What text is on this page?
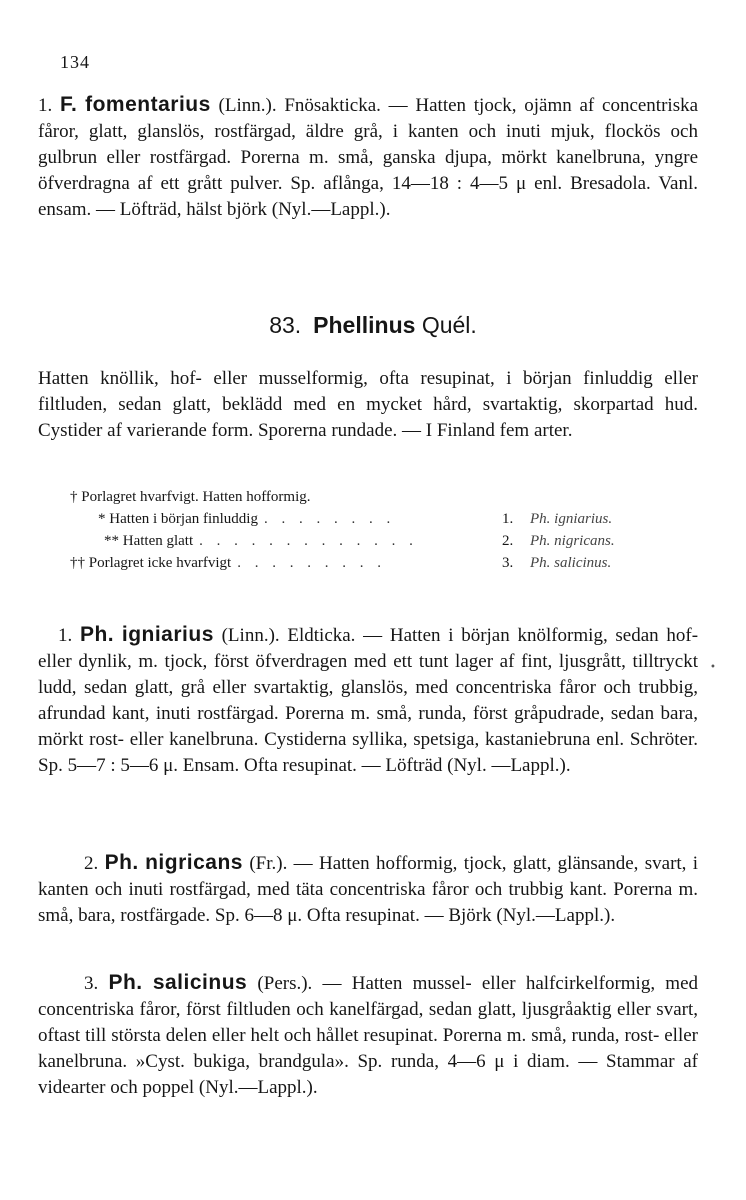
134
1. F. fomentarius (Linn.). Fnösakticka. — Hatten tjock, ojämn af concentriska fåror, glatt, glanslös, rostfärgad, äldre grå, i kanten och inuti mjuk, flockös och gulbrun eller rostfärgad. Porerna m. små, ganska djupa, mörkt kanelbruna, yngre öfverdragna af ett grått pulver. Sp. aflånga, 14—18 : 4—5 μ enl. Bresadola. Vanl. ensam. — Löfträd, hälst björk (Nyl.—Lappl.).
83. Phellinus Quél.
Hatten knöllik, hof- eller musselformig, ofta resupinat, i början finluddig eller filtluden, sedan glatt, beklädd med en mycket hård, svartaktig, skorpartad hud. Cystider af varierande form. Sporerna rundade. — I Finland fem arter.
† Porlagret hvarfvigt. Hatten hofformig.
* Hatten i början finluddig . . . . . . . .	1.	Ph. igniarius.
** Hatten glatt . . . . . . . . . . . . .	2.	Ph. nigricans.
†† Porlagret icke hvarfvigt . . . . . . . . .	3.	Ph. salicinus.
1. Ph. igniarius (Linn.). Eldticka. — Hatten i början knölformig, sedan hof- eller dynlik, m. tjock, först öfverdragen med ett tunt lager af fint, ljusgrått, tilltryckt ludd, sedan glatt, grå eller svartaktig, glanslös, med concentriska fåror och trubbig, afrundad kant, inuti rostfärgad. Porerna m. små, runda, först gråpudrade, sedan bara, mörkt rost- eller kanelbruna. Cystiderna syllika, spetsiga, kastaniebruna enl. Schröter. Sp. 5—7 : 5—6 μ. Ensam. Ofta resupinat. — Löfträd (Nyl. —Lappl.).
•
2. Ph. nigricans (Fr.). — Hatten hofformig, tjock, glatt, glänsande, svart, i kanten och inuti rostfärgad, med täta concentriska fåror och trubbig kant. Porerna m. små, bara, rostfärgade. Sp. 6—8 μ. Ofta resupinat. — Björk (Nyl.—Lappl.).
3. Ph. salicinus (Pers.). — Hatten mussel- eller halfcirkelformig, med concentriska fåror, först filtluden och kanelfärgad, sedan glatt, ljusgråaktig eller svart, oftast till största delen eller helt och hållet resupinat. Porerna m. små, runda, rost- eller kanelbruna. »Cyst. bukiga, brandgula». Sp. runda, 4—6 μ i diam. — Stammar af videarter och poppel (Nyl.—Lappl.).
